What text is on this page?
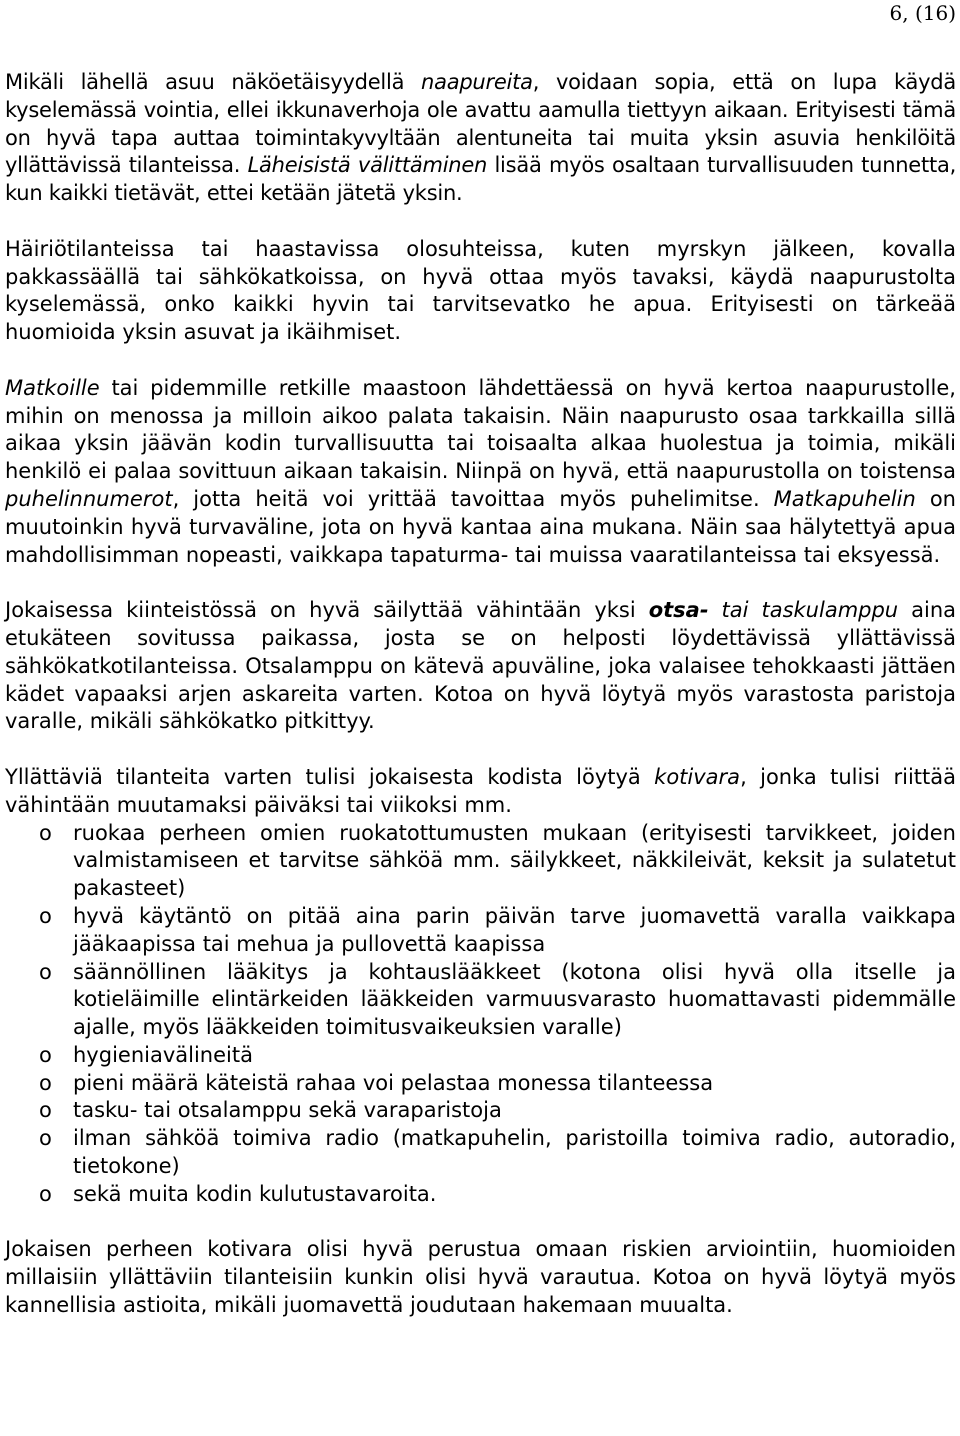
6, (16)

Mikäli lähellä asuu näköetäisyydellä naapureita, voidaan sopia, että on lupa käydä kyselemässä vointia, ellei ikkunaverhoja ole avattu aamulla tiettyyn aikaan. Erityisesti tämä on hyvä tapa auttaa toimintakyvyltään alentuneita tai muita yksin asuvia henkilöitä yllättävissä tilanteissa. Läheisistä välittäminen lisää myös osaltaan turvallisuuden tunnetta, kun kaikki tietävät, ettei ketään jätetä yksin.

Häiriötilanteissa tai haastavissa olosuhteissa, kuten myrskyn jälkeen, kovalla pakkassäällä tai sähkökatkoissa, on hyvä ottaa myös tavaksi, käydä naapurustolta kyselemässä, onko kaikki hyvin tai tarvitsevatko he apua. Erityisesti on tärkeää huomioida yksin asuvat ja ikäihmiset.

Matkoille tai pidemmille retkille maastoon lähdettäessä on hyvä kertoa naapurustolle, mihin on menossa ja milloin aikoo palata takaisin. Näin naapurusto osaa tarkkailla sillä aikaa yksin jäävän kodin turvallisuutta tai toisaalta alkaa huolestua ja toimia, mikäli henkilö ei palaa sovittuun aikaan takaisin. Niinpä on hyvä, että naapurustolla on toistensa puhelinnumerot, jotta heitä voi yrittää tavoittaa myös puhelimitse. Matkapuhelin on muutoinkin hyvä turvaväline, jota on hyvä kantaa aina mukana. Näin saa hälytettyä apua mahdollisimman nopeasti, vaikkapa tapaturma- tai muissa vaaratilanteissa tai eksyessä.

Jokaisessa kiinteistössä on hyvä säilyttää vähintään yksi otsa- tai taskulamppu aina etukäteen sovitussa paikassa, josta se on helposti löydettävissä yllättävissä sähkökatkotilanteissa. Otsalamppu on kätevä apuväline, joka valaisee tehokkaasti jättäen kädet vapaaksi arjen askareita varten. Kotoa on hyvä löytyä myös varastosta paristoja varalle, mikäli sähkökatko pitkittyy.

Yllättäviä tilanteita varten tulisi jokaisesta kodista löytyä kotivara, jonka tulisi riittää vähintään muutamaksi päiväksi tai viikoksi mm.

o ruokaa perheen omien ruokatottumusten mukaan (erityisesti tarvikkeet, joiden valmistamiseen et tarvitse sähköä mm. säilykkeet, näkkileivät, keksit ja sulatetut pakasteet)
o hyvä käytäntö on pitää aina parin päivän tarve juomavettä varalla vaikkapa jääkaapissa tai mehua ja pullovettä kaapissa
o säännöllinen lääkitys ja kohtauslääkkeet (kotona olisi hyvä olla itselle ja kotieläimille elintärkeiden lääkkeiden varmuusvarasto huomattavasti pidemmälle ajalle, myös lääkkeiden toimitusvaikeuksien varalle)
o hygieniavälineitä
o pieni määrä käteistä rahaa voi pelastaa monessa tilanteessa
o tasku- tai otsalamppu sekä varaparistoja
o ilman sähköä toimiva radio (matkapuhelin, paristoilla toimiva radio, autoradio, tietokone)
o sekä muita kodin kulutustavaroita.

Jokaisen perheen kotivara olisi hyvä perustua omaan riskien arviointiin, huomioiden millaisiin yllättäviin tilanteisiin kunkin olisi hyvä varautua. Kotoa on hyvä löytyä myös kannellisia astioita, mikäli juomavettä joudutaan hakemaan muualta.
